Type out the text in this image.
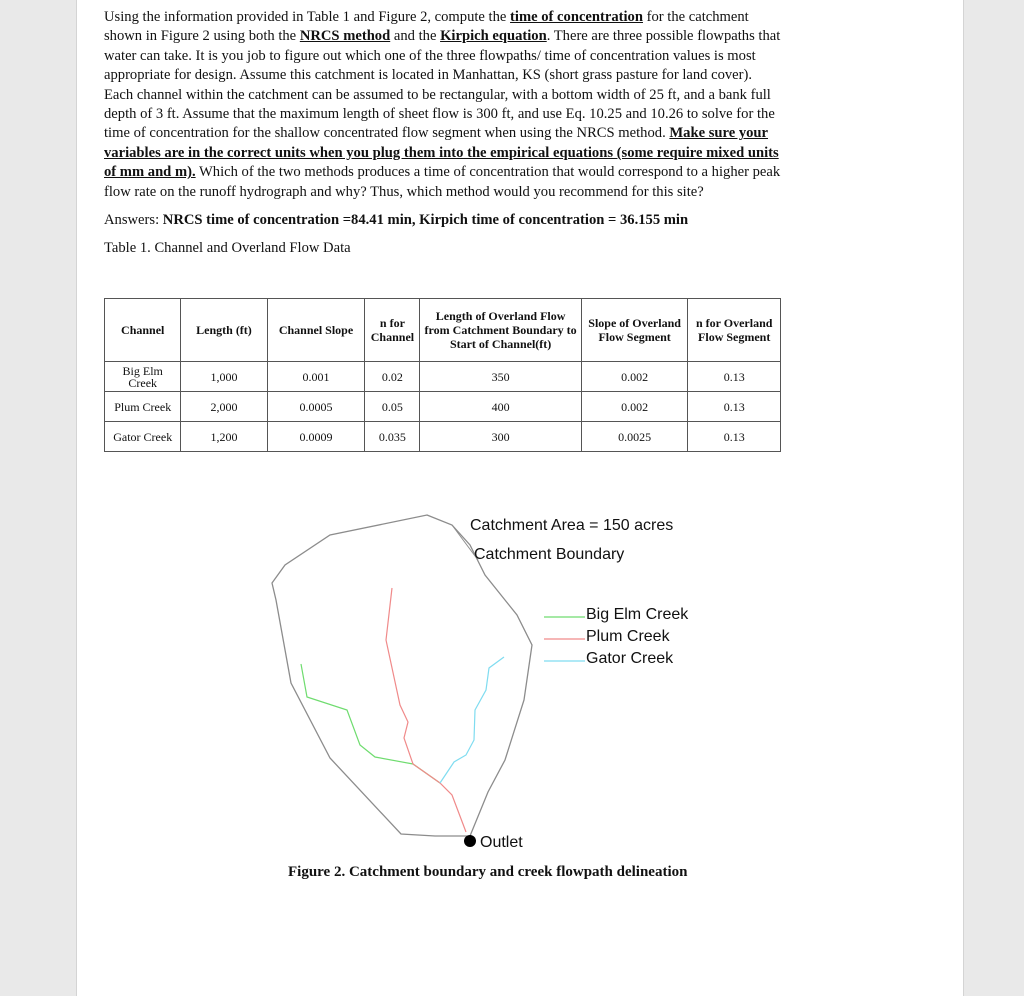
Using the information provided in Table 1 and Figure 2, compute the time of concentration for the catchment shown in Figure 2 using both the NRCS method and the Kirpich equation. There are three possible flowpaths that water can take. It is you job to figure out which one of the three flowpaths/ time of concentration values is most appropriate for design. Assume this catchment is located in Manhattan, KS (short grass pasture for land cover). Each channel within the catchment can be assumed to be rectangular, with a bottom width of 25 ft, and a bank full depth of 3 ft. Assume that the maximum length of sheet flow is 300 ft, and use Eq. 10.25 and 10.26 to solve for the time of concentration for the shallow concentrated flow segment when using the NRCS method. Make sure your variables are in the correct units when you plug them into the empirical equations (some require mixed units of mm and m). Which of the two methods produces a time of concentration that would correspond to a higher peak flow rate on the runoff hydrograph and why? Thus, which method would you recommend for this site?

Answers: NRCS time of concentration =84.41 min, Kirpich time of concentration = 36.155 min

Table 1. Channel and Overland Flow Data

Channel	Length (ft)	Channel Slope	n for Channel	Length of Overland Flow from Catchment Boundary to Start of Channel(ft)	Slope of Overland Flow Segment	n for Overland Flow Segment
Big Elm Creek	1,000	0.001	0.02	350	0.002	0.13
Plum Creek	2,000	0.0005	0.05	400	0.002	0.13
Gator Creek	1,200	0.0009	0.035	300	0.0025	0.13
Catchment Area = 150 acres
Catchment Boundary
Big Elm Creek
Plum Creek
Gator Creek
Outlet
Figure 2. Catchment boundary and creek flowpath delineation
